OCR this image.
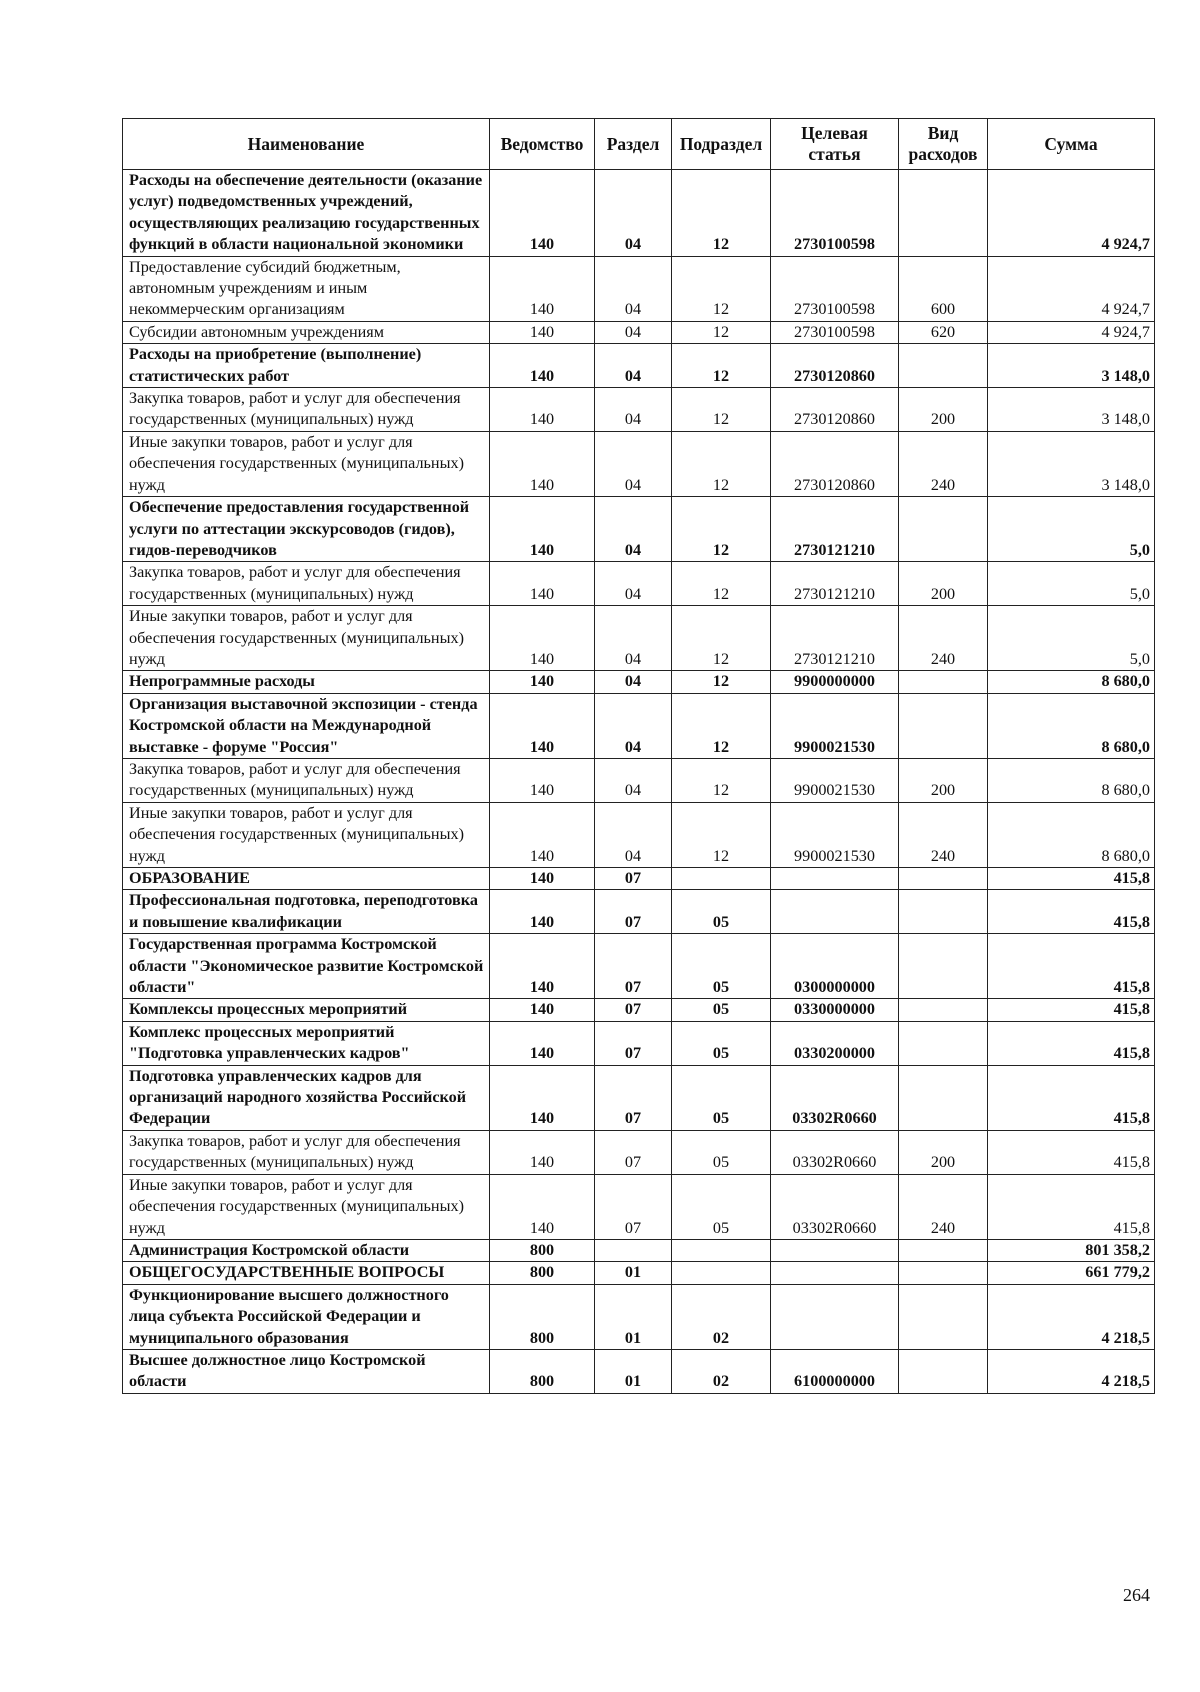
Наименование	Ведомство	Раздел	Подраздел	Целевая статья	Вид расходов	Сумма
Расходы на обеспечение деятельности (оказание услуг) подведомственных учреждений, осуществляющих реализацию государственных функций в области национальной экономики	140	04	12	2730100598		4 924,7
Предоставление субсидий бюджетным, автономным учреждениям и иным некоммерческим организациям	140	04	12	2730100598	600	4 924,7
Субсидии автономным учреждениям	140	04	12	2730100598	620	4 924,7
Расходы на приобретение (выполнение) статистических работ	140	04	12	2730120860		3 148,0
Закупка товаров, работ и услуг для обеспечения государственных (муниципальных) нужд	140	04	12	2730120860	200	3 148,0
Иные закупки товаров, работ и услуг для обеспечения государственных (муниципальных) нужд	140	04	12	2730120860	240	3 148,0
Обеспечение предоставления государственной услуги по аттестации экскурсоводов (гидов), гидов-переводчиков	140	04	12	2730121210		5,0
Закупка товаров, работ и услуг для обеспечения государственных (муниципальных) нужд	140	04	12	2730121210	200	5,0
Иные закупки товаров, работ и услуг для обеспечения государственных (муниципальных) нужд	140	04	12	2730121210	240	5,0
Непрограммные расходы	140	04	12	9900000000		8 680,0
Организация выставочной экспозиции - стенда Костромской области на Международной выставке - форуме "Россия"	140	04	12	9900021530		8 680,0
Закупка товаров, работ и услуг для обеспечения государственных (муниципальных) нужд	140	04	12	9900021530	200	8 680,0
Иные закупки товаров, работ и услуг для обеспечения государственных (муниципальных) нужд	140	04	12	9900021530	240	8 680,0
ОБРАЗОВАНИЕ	140	07				415,8
Профессиональная подготовка, переподготовка и повышение квалификации	140	07	05			415,8
Государственная программа Костромской области "Экономическое развитие Костромской области"	140	07	05	0300000000		415,8
Комплексы процессных мероприятий	140	07	05	0330000000		415,8
Комплекс процессных мероприятий "Подготовка управленческих кадров"	140	07	05	0330200000		415,8
Подготовка управленческих кадров для организаций народного хозяйства Российской Федерации	140	07	05	03302R0660		415,8
Закупка товаров, работ и услуг для обеспечения государственных (муниципальных) нужд	140	07	05	03302R0660	200	415,8
Иные закупки товаров, работ и услуг для обеспечения государственных (муниципальных) нужд	140	07	05	03302R0660	240	415,8
Администрация Костромской области	800					801 358,2
ОБЩЕГОСУДАРСТВЕННЫЕ ВОПРОСЫ	800	01				661 779,2
Функционирование высшего должностного лица субъекта Российской Федерации и муниципального образования	800	01	02			4 218,5
Высшее должностное лицо Костромской области	800	01	02	6100000000		4 218,5
264
